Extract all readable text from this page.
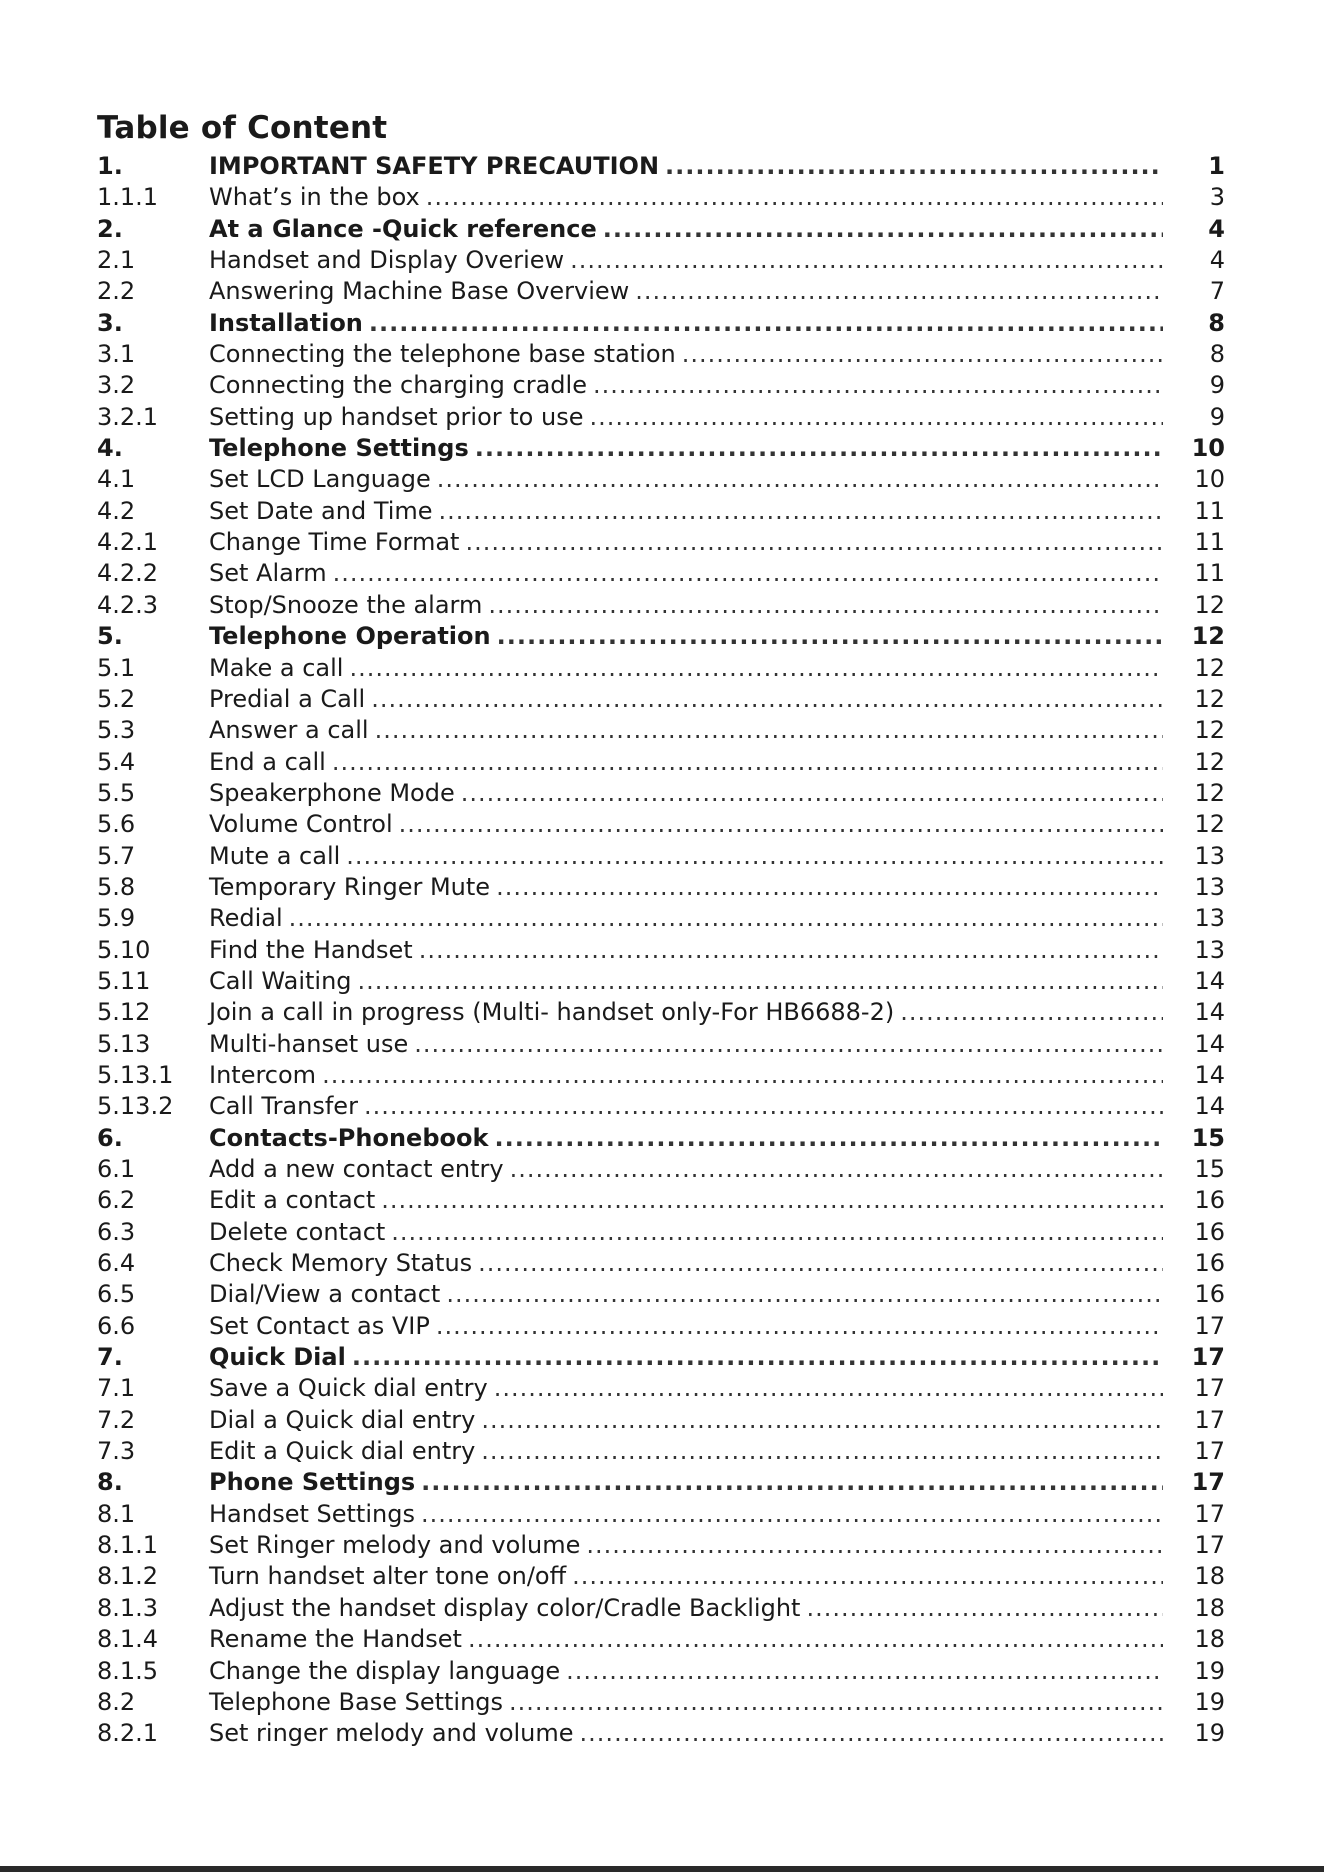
Table of Content
1.	IMPORTANT SAFETY PRECAUTION .....	1
1.1.1	What’s in the box .....	3
2.	At a Glance -Quick reference .....	4
2.1	Handset and Display Overiew .....	4
2.2	Answering Machine Base Overview .....	7
3.	Installation .....	8
3.1	Connecting the telephone base station .....	8
3.2	Connecting the charging cradle .....	9
3.2.1	Setting up handset prior to use .....	9
4.	Telephone Settings .....	10
4.1	Set LCD Language .....	10
4.2	Set Date and Time .....	11
4.2.1	Change Time Format .....	11
4.2.2	Set Alarm .....	11
4.2.3	Stop/Snooze the alarm .....	12
5.	Telephone Operation .....	12
5.1	Make a call .....	12
5.2	Predial a Call .....	12
5.3	Answer a call .....	12
5.4	End a call .....	12
5.5	Speakerphone Mode .....	12
5.6	Volume Control .....	12
5.7	Mute a call .....	13
5.8	Temporary Ringer Mute .....	13
5.9	Redial .....	13
5.10	Find the Handset .....	13
5.11	Call Waiting .....	14
5.12	Join a call in progress (Multi- handset only-For HB6688-2) .....	14
5.13	Multi-hanset use .....	14
5.13.1	Intercom .....	14
5.13.2	Call Transfer .....	14
6.	Contacts-Phonebook .....	15
6.1	Add a new contact entry .....	15
6.2	Edit a contact .....	16
6.3	Delete contact .....	16
6.4	Check Memory Status .....	16
6.5	Dial/View a contact .....	16
6.6	Set Contact as VIP .....	17
7.	Quick Dial .....	17
7.1	Save a Quick dial entry .....	17
7.2	Dial a Quick dial entry .....	17
7.3	Edit a Quick dial entry .....	17
8.	Phone Settings .....	17
8.1	Handset Settings .....	17
8.1.1	Set Ringer melody and volume .....	17
8.1.2	Turn handset alter tone on/off .....	18
8.1.3	Adjust the handset display color/Cradle Backlight .....	18
8.1.4	Rename the Handset .....	18
8.1.5	Change the display language .....	19
8.2	Telephone Base Settings .....	19
8.2.1	Set ringer melody and volume .....	19
